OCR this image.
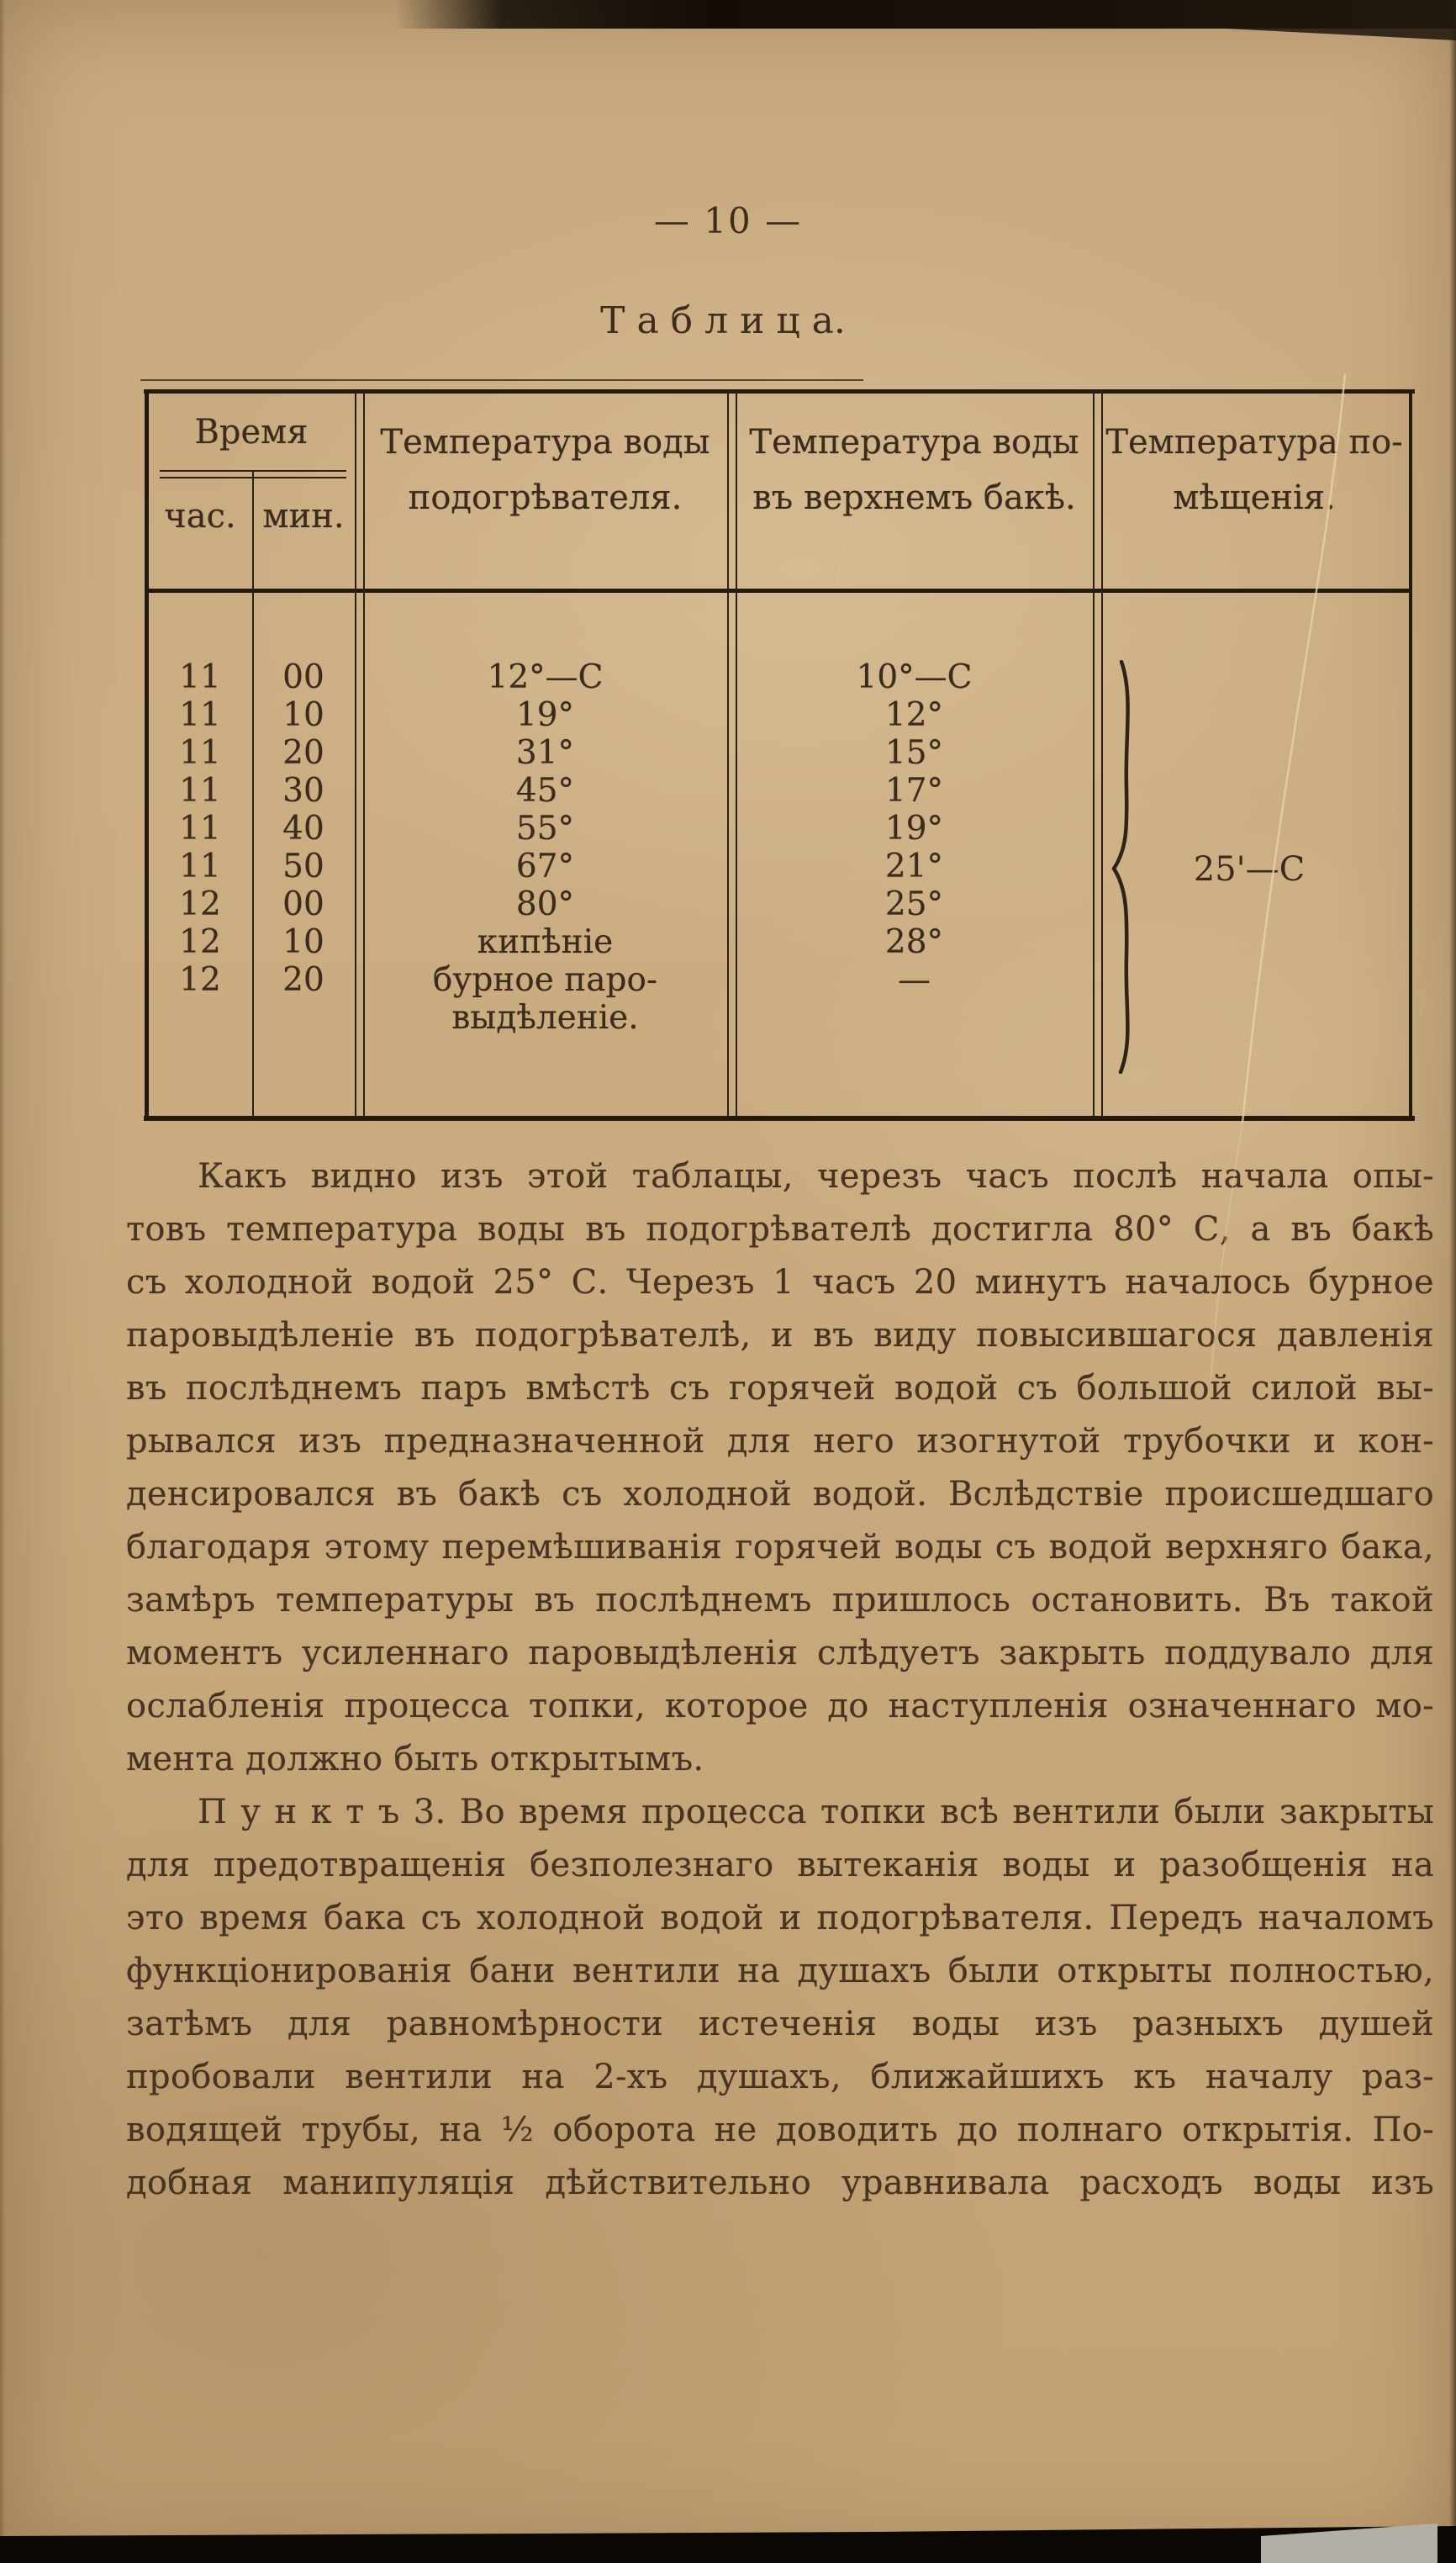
— 10 —
Т а б л и ц а.
Время
час. мин.
Температура воды
подогрѣвателя.
Температура воды
въ верхнемъ бакѣ.
Температура по-
мѣщенія.
11
11
11
11
11
11
12
12
12
00
10
20
30
40
50
00
10
20
12°—С
19°
31°
45°
55°
67°
80°
кипѣніе
бурное паро-
выдѣленіе.
10°—С
12°
15°
17°
19°
21°
25°
28°
—
25'—С
Какъ видно изъ этой таблацы, черезъ часъ послѣ начала опы-
товъ температура воды въ подогрѣвателѣ достигла 80° С, а въ бакѣ
съ холодной водой 25° С. Черезъ 1 часъ 20 минутъ началось бурное
паровыдѣленіе въ подогрѣвателѣ, и въ виду повысившагося давленія
въ послѣднемъ паръ вмѣстѣ съ горячей водой съ большой силой вы-
рывался изъ предназначенной для него изогнутой трубочки и кон-
денсировался въ бакѣ съ холодной водой. Вслѣдствіе происшедшаго
благодаря этому перемѣшиванія горячей воды съ водой верхняго бака,
замѣръ температуры въ послѣднемъ пришлось остановить. Въ такой
моментъ усиленнаго паровыдѣленія слѣдуетъ закрыть поддувало для
ослабленія процесса топки, которое до наступленія означеннаго мо-
мента должно быть открытымъ.
П у н к т ъ 3. Во время процесса топки всѣ вентили были закрыты
для предотвращенія безполезнаго вытеканія воды и разобщенія на
это время бака съ холодной водой и подогрѣвателя. Передъ началомъ
функціонированія бани вентили на душахъ были открыты полностью,
затѣмъ для равномѣрности истеченія воды изъ разныхъ душей
пробовали вентили на 2-хъ душахъ, ближайшихъ къ началу раз-
водящей трубы, на ½ оборота не доводить до полнаго открытія. По-
добная манипуляція дѣйствительно уравнивала расходъ воды изъ
